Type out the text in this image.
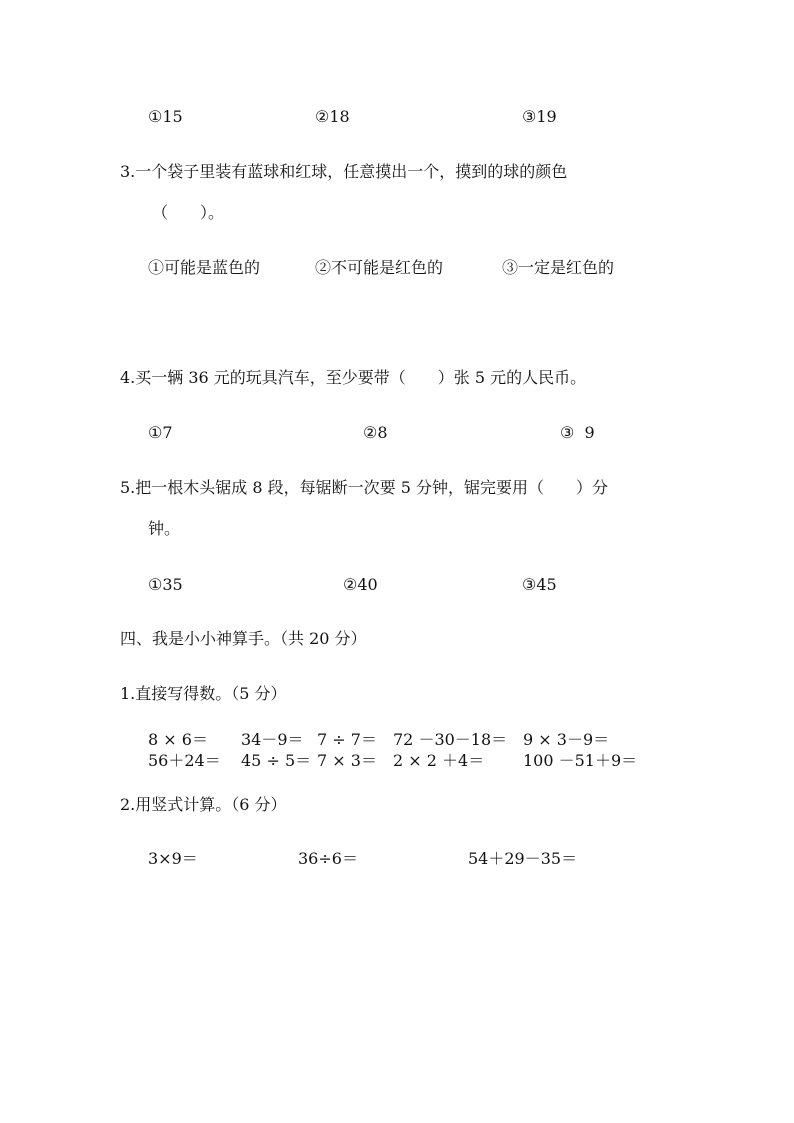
①15	②18	③19
3.一个袋子里装有蓝球和红球，任意摸出一个，摸到的球的颜色
（　　）。
①可能是蓝色的	②不可能是红色的	③一定是红色的
4.买一辆 36 元的玩具汽车，至少要带（　　）张 5 元的人民币。
①7	②8	③  9
5.把一根木头锯成 8 段，每锯断一次要 5 分钟，锯完要用（　　）分
钟。
①35	②40	③45
四、我是小小神算手。（共 20 分）
1.直接写得数。（5 分）
8 × 6＝ 34－9＝ 7 ÷ 7＝ 72 －30－18＝ 9 × 3－9＝
56＋24＝ 45 ÷ 5＝ 7 × 3＝ 2 × 2 ＋4＝ 100 －51＋9＝
2.用竖式计算。（6 分）
3×9＝	36÷6＝	54＋29－35＝
